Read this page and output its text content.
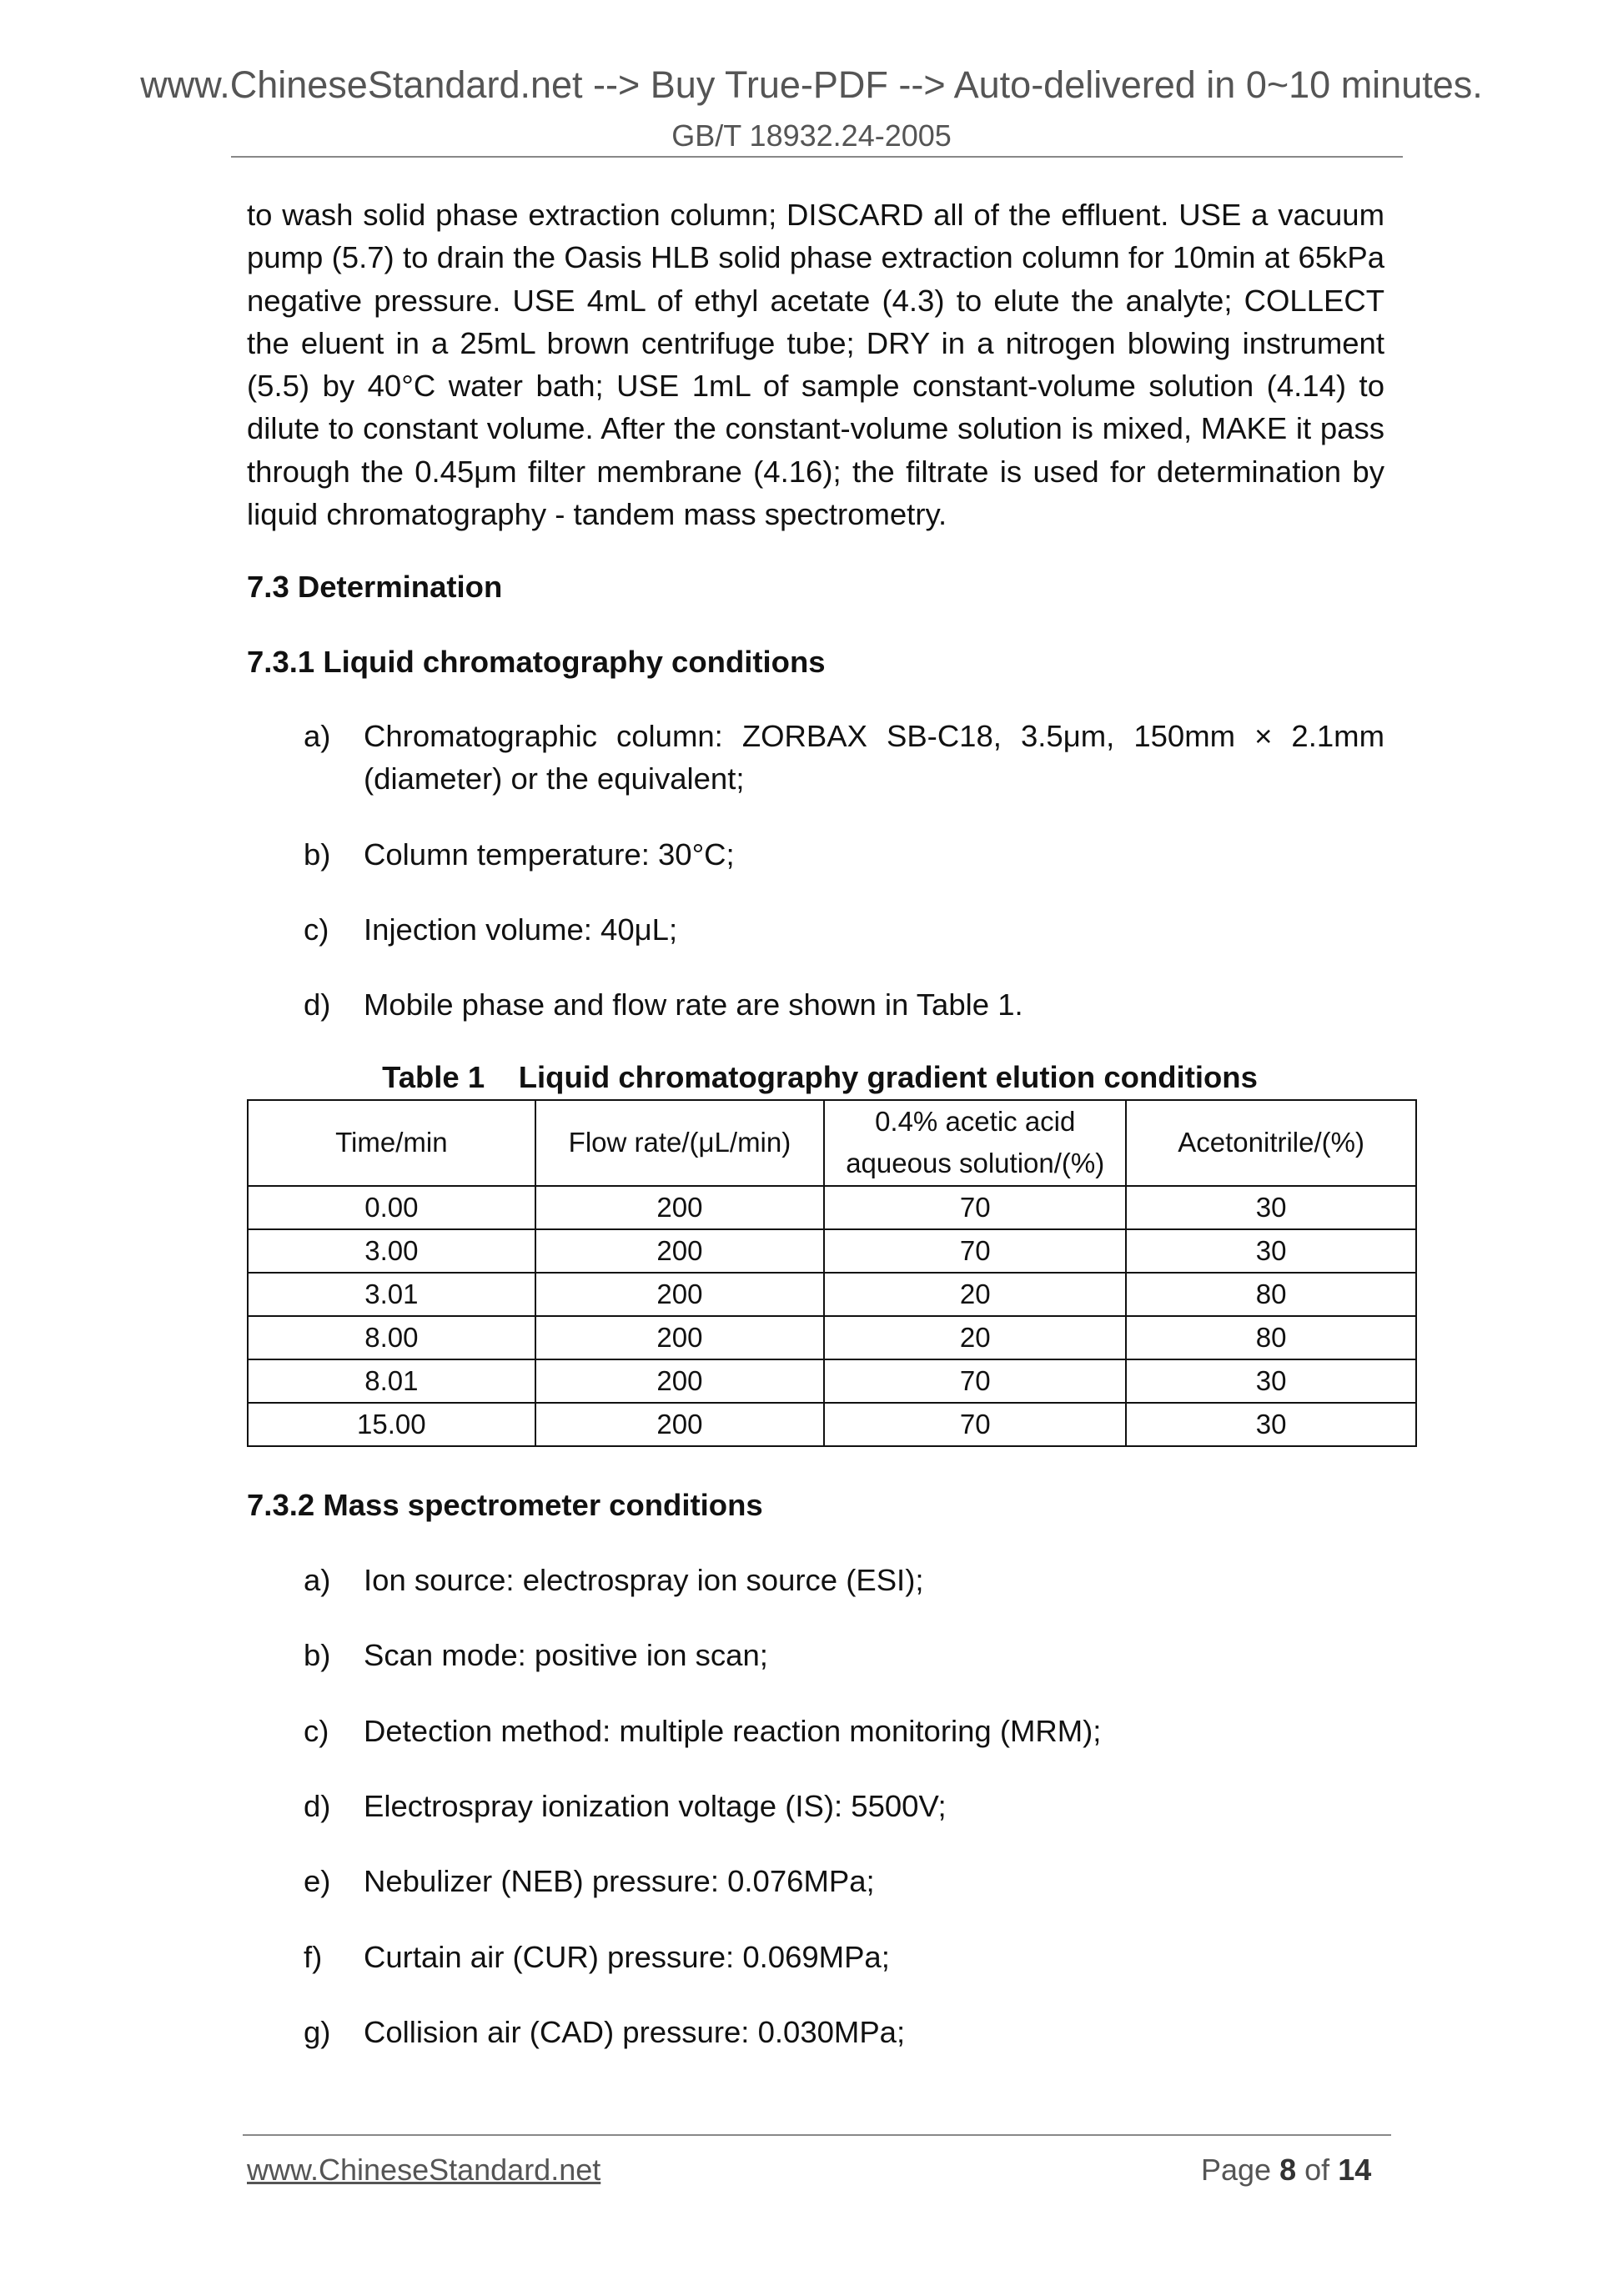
www.ChineseStandard.net --> Buy True-PDF --> Auto-delivered in 0~10 minutes.
GB/T 18932.24-2005

to wash solid phase extraction column; DISCARD all of the effluent. USE a vacuum pump (5.7) to drain the Oasis HLB solid phase extraction column for 10min at 65kPa negative pressure. USE 4mL of ethyl acetate (4.3) to elute the analyte; COLLECT the eluent in a 25mL brown centrifuge tube; DRY in a nitrogen blowing instrument (5.5) by 40°C water bath; USE 1mL of sample constant-volume solution (4.14) to dilute to constant volume. After the constant-volume solution is mixed, MAKE it pass through the 0.45μm filter membrane (4.16); the filtrate is used for determination by liquid chromatography - tandem mass spectrometry.

7.3 Determination

7.3.1 Liquid chromatography conditions

a) Chromatographic column: ZORBAX SB-C18, 3.5μm, 150mm × 2.1mm (diameter) or the equivalent;
b) Column temperature: 30°C;
c) Injection volume: 40μL;
d) Mobile phase and flow rate are shown in Table 1.

Table 1    Liquid chromatography gradient elution conditions

Time/min	Flow rate/(μL/min)	0.4% acetic acid aqueous solution/(%)	Acetonitrile/(%)
0.00	200	70	30
3.00	200	70	30
3.01	200	20	80
8.00	200	20	80
8.01	200	70	30
15.00	200	70	30

7.3.2 Mass spectrometer conditions

a) Ion source: electrospray ion source (ESI);
b) Scan mode: positive ion scan;
c) Detection method: multiple reaction monitoring (MRM);
d) Electrospray ionization voltage (IS): 5500V;
e) Nebulizer (NEB) pressure: 0.076MPa;
f) Curtain air (CUR) pressure: 0.069MPa;
g) Collision air (CAD) pressure: 0.030MPa;
www.ChineseStandard.net	Page 8 of 14
